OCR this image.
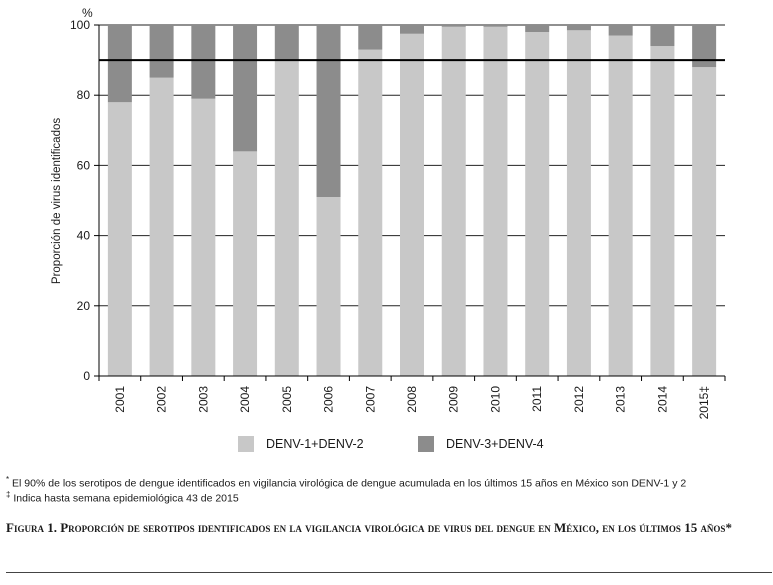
0
20
40
60
80
100
2001 2002 2003 2004 2005 2006 2007 2008 2009 2010 2011 2012 2013 2014 2015‡
%
Proporción de virus identificados
DENV-1+DENV-2	DENV-3+DENV-4
* El 90% de los serotipos de dengue identificados en vigilancia virológica de dengue acumulada en los últimos 15 años en México son DENV-1 y 2
‡ Indica hasta semana epidemiológica 43 de 2015
Figura 1. Proporción de serotipos identificados en la vigilancia virológica de virus del dengue en México, en los últimos 15 años*
